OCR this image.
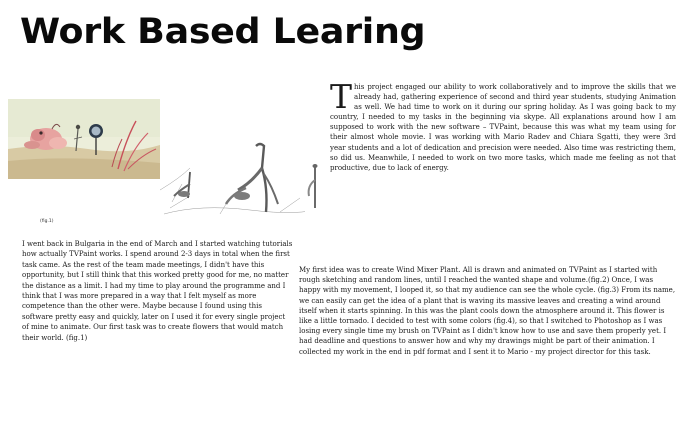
Work Based Learing
(fig.1)

This project engaged our ability to work collaboratively and to improve the skills that we already had, gathering experience of second and third year students, studying Animation as well. We had time to work on it during our spring holiday. As I was going back to my country, I needed to my tasks in the beginning via skype. All explanations around how I am supposed to work with the new software – TVPaint, because this was what my team using for their almost whole movie. I was working with Mario Radev and Chiara Sgatti, they were 3rd year students and a lot of dedication and precision were needed. Also time was restricting them, so did us. Meanwhile, I needed to work on two more tasks, which made me feeling as not that productive, due to lack of energy.

I went back in Bulgaria in the end of March and I started watching tutorials how actually TVPaint works. I spend around 2-3 days in total when the first task came. As the rest of the team made meetings, I didn't have this opportunity, but I still think that this worked pretty good for me, no matter the distance as a limit. I had my time to play around the programme and I think that I was more prepared in a way that I felt myself as more competence than the other were. Maybe because I found using this software pretty easy and quickly, later on I used it for every single project of mine to animate. Our first task was to create flowers that would match their world. (fig.1)

My first idea was to create Wind Mixer Plant. All is drawn and animated on TVPaint as I started with rough sketching and random lines, until I reached the wanted shape and volume.(fig.2) Once, I was happy with my movement, I looped it, so that my audience can see the whole cycle. (fig.3) From its name, we can easily can get the idea of a plant that is waving its massive leaves and creating a wind around itself when it starts spinning. In this was the plant cools down the atmosphere around it. This flower is like a little tornado. I decided to test with some colors (fig.4), so that I switched to Photoshop as I was losing every single time my brush on TVPaint as I didn't know how to use and save them properly yet. I had deadline and questions to answer how and why my drawings might be part of their animation. I collected my work in the end in pdf format and I sent it to Mario - my project director for this task.
